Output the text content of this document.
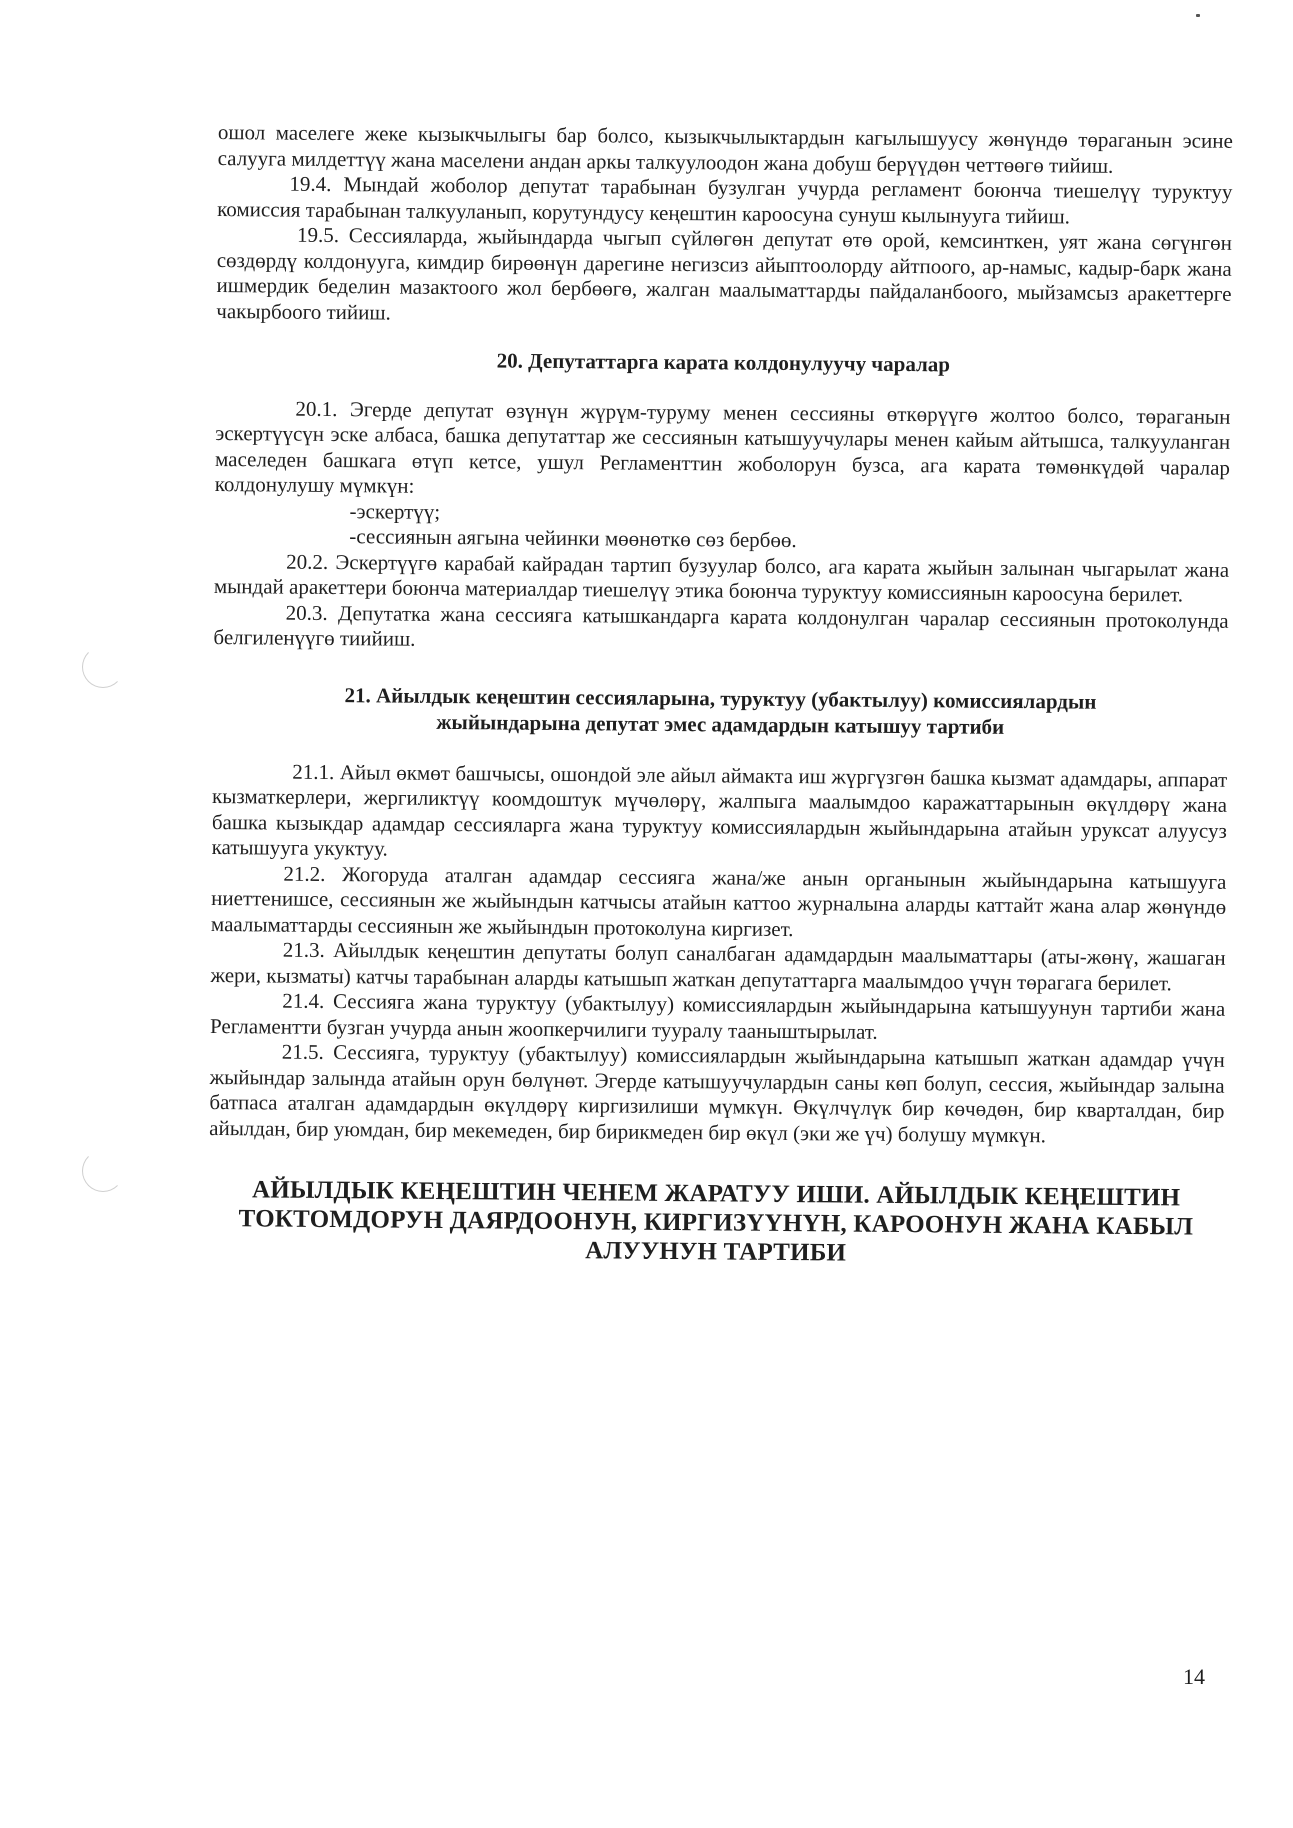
ошол маселеге жеке кызыкчылыгы бар болсо, кызыкчылыктардын кагылышуусу жөнүндө төраганын эсине салууга милдеттүү жана маселени андан аркы талкуулоодон жана добуш берүүдөн четтөөгө тийиш.

19.4. Мындай жоболор депутат тарабынан бузулган учурда регламент боюнча тиешелүү туруктуу комиссия тарабынан талкууланып, корутундусу кеңештин кароосуна сунуш кылынууга тийиш.

19.5. Сессияларда, жыйындарда чыгып сүйлөгөн депутат өтө орой, кемсинткен, уят жана сөгүнгөн сөздөрдү колдонууга, кимдир бирөөнүн дарегине негизсиз айыптоолорду айтпоого, ар-намыс, кадыр-барк жана ишмердик беделин мазактоого жол бербөөгө, жалган маалыматтарды пайдаланбоого, мыйзамсыз аракеттерге чакырбоого тийиш.

20. Депутаттарга карата колдонулуучу чаралар

20.1. Эгерде депутат өзүнүн жүрүм-туруму менен сессияны өткөрүүгө жолтоо болсо, төраганын эскертүүсүн эске албаса, башка депутаттар же сессиянын катышуучулары менен кайым айтышса, талкууланган маселеден башкага өтүп кетсе, ушул Регламенттин жоболорун бузса, ага карата төмөнкүдөй чаралар колдонулушу мүмкүн:

-эскертүү;

-сессиянын аягына чейинки мөөнөткө сөз бербөө.

20.2. Эскертүүгө карабай кайрадан тартип бузуулар болсо, ага карата жыйын залынан чыгарылат жана мындай аракеттери боюнча материалдар тиешелүү этика боюнча туруктуу комиссиянын кароосуна берилет.

20.3. Депутатка жана сессияга катышкандарга карата колдонулган чаралар сессиянын протоколунда белгиленүүгө тиийиш.

21. Айылдык кеңештин сессияларына, туруктуу (убактылуу) комиссиялардын
жыйындарына депутат эмес адамдардын катышуу тартиби

21.1. Айыл өкмөт башчысы, ошондой эле айыл аймакта иш жүргүзгөн башка кызмат адамдары, аппарат кызматкерлери, жергиликтүү коомдоштук мүчөлөрү, жалпыга маалымдоо каражаттарынын өкүлдөрү жана башка кызыкдар адамдар сессияларга жана туруктуу комиссиялардын жыйындарына атайын уруксат алуусуз катышууга укуктуу.

21.2. Жогоруда аталган адамдар сессияга жана/же анын органынын жыйындарына катышууга ниеттенишсе, сессиянын же жыйындын катчысы атайын каттоо журналына аларды каттайт жана алар жөнүндө маалыматтарды сессиянын же жыйындын протоколуна киргизет.

21.3. Айылдык кеңештин депутаты болуп саналбаган адамдардын маалыматтары (аты-жөнү, жашаган жери, кызматы) катчы тарабынан аларды катышып жаткан депутаттарга маалымдоо үчүн төрагага берилет.

21.4. Сессияга жана туруктуу (убактылуу) комиссиялардын жыйындарына катышуунун тартиби жана Регламентти бузган учурда анын жоопкерчилиги тууралу тааныштырылат.

21.5. Сессияга, туруктуу (убактылуу) комиссиялардын жыйындарына катышып жаткан адамдар үчүн жыйындар залында атайын орун бөлүнөт. Эгерде катышуучулардын саны көп болуп, сессия, жыйындар залына батпаса аталган адамдардын өкүлдөрү киргизилиши мүмкүн. Өкүлчүлүк бир көчөдөн, бир кварталдан, бир айылдан, бир уюмдан, бир мекемеден, бир бирикмеден бир өкүл (эки же үч) болушу мүмкүн.

АЙЫЛДЫК КЕҢЕШТИН ЧЕНЕМ ЖАРАТУУ ИШИ. АЙЫЛДЫК КЕҢЕШТИН
ТОКТОМДОРУН ДАЯРДООНУН, КИРГИЗҮҮНҮН, КАРООНУН ЖАНА КАБЫЛ
АЛУУНУН ТАРТИБИ
14
